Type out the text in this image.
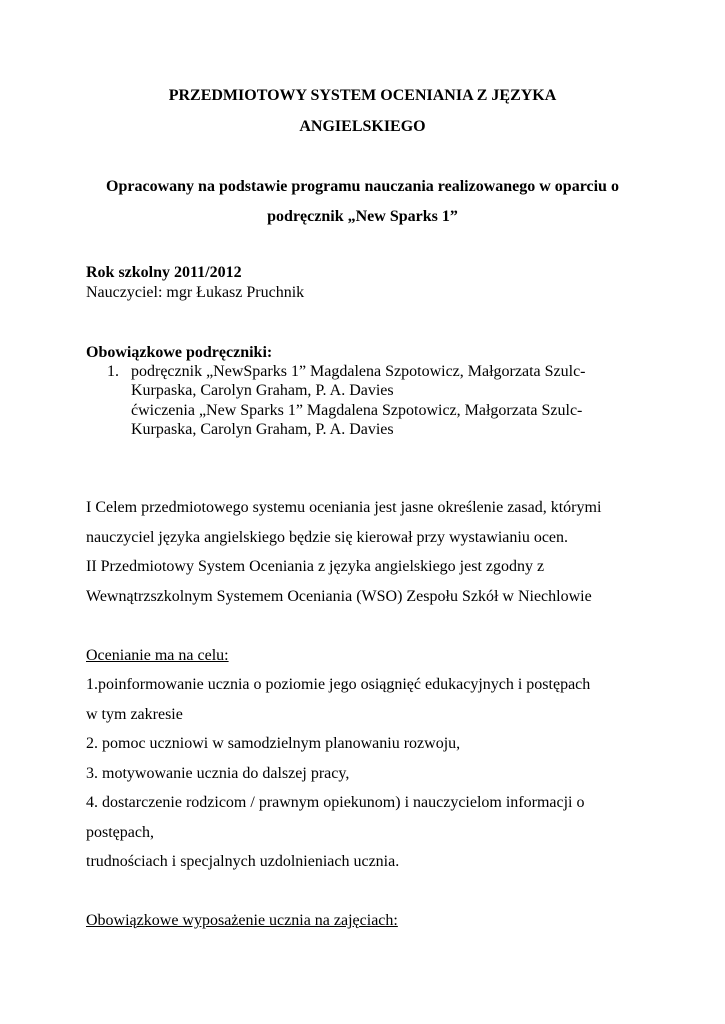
PRZEDMIOTOWY SYSTEM OCENIANIA Z JĘZYKA

ANGIELSKIEGO

Opracowany na podstawie programu nauczania realizowanego w oparciu o

podręcznik „New Sparks 1”

Rok szkolny 2011/2012

Nauczyciel: mgr Łukasz Pruchnik

Obowiązkowe podręczniki:

1. podręcznik „NewSparks 1” Magdalena Szpotowicz, Małgorzata Szulc-

Kurpaska, Carolyn Graham, P. A. Davies

ćwiczenia „New Sparks 1” Magdalena Szpotowicz, Małgorzata Szulc-

Kurpaska, Carolyn Graham, P. A. Davies

I Celem przedmiotowego systemu oceniania jest jasne określenie zasad, którymi

nauczyciel języka angielskiego będzie się kierował przy wystawianiu ocen.

II Przedmiotowy System Oceniania z języka angielskiego jest zgodny z

Wewnątrzszkolnym Systemem Oceniania (WSO) Zespołu Szkół w Niechlowie

Ocenianie ma na celu:

1.poinformowanie ucznia o poziomie jego osiągnięć edukacyjnych i postępach

w tym zakresie

2. pomoc uczniowi w samodzielnym planowaniu rozwoju,

3. motywowanie ucznia do dalszej pracy,

4. dostarczenie rodzicom / prawnym opiekunom) i nauczycielom informacji o

postępach,

trudnościach i specjalnych uzdolnieniach ucznia.

Obowiązkowe wyposażenie ucznia na zajęciach:
